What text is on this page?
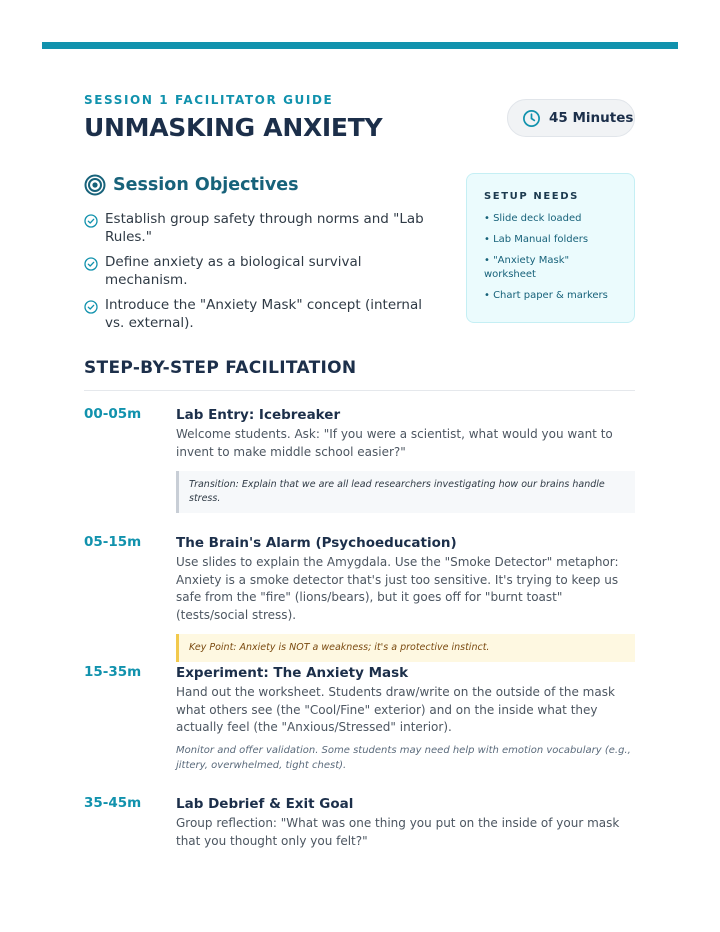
SESSION 1 FACILITATOR GUIDE
UNMASKING ANXIETY	45 Minutes
Session Objectives
Establish group safety through norms and "Lab Rules."
Define anxiety as a biological survival mechanism.
Introduce the "Anxiety Mask" concept (internal vs. external).
SETUP NEEDS
• Slide deck loaded
• Lab Manual folders
• "Anxiety Mask" worksheet
• Chart paper & markers
STEP-BY-STEP FACILITATION
00-05m	Lab Entry: Icebreaker

Welcome students. Ask: "If you were a scientist, what would you want to invent to make middle school easier?"

Transition: Explain that we are all lead researchers investigating how our brains handle stress.
05-15m	The Brain's Alarm (Psychoeducation)

Use slides to explain the Amygdala. Use the "Smoke Detector" metaphor: Anxiety is a smoke detector that's just too sensitive. It's trying to keep us safe from the "fire" (lions/bears), but it goes off for "burnt toast" (tests/social stress).

Key Point: Anxiety is NOT a weakness; it's a protective instinct.
15-35m	Experiment: The Anxiety Mask

Hand out the worksheet. Students draw/write on the outside of the mask what others see (the "Cool/Fine" exterior) and on the inside what they actually feel (the "Anxious/Stressed" interior).

Monitor and offer validation. Some students may need help with emotion vocabulary (e.g., jittery, overwhelmed, tight chest).
35-45m	Lab Debrief & Exit Goal

Group reflection: "What was one thing you put on the inside of your mask that you thought only you felt?"
